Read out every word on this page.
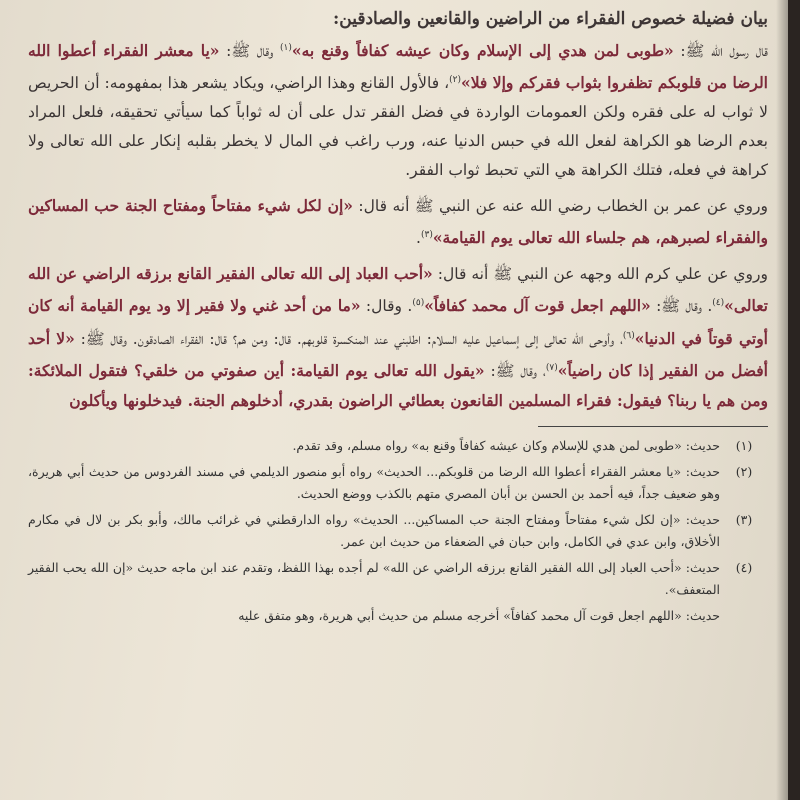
بيان فضيلة خصوص الفقراء من الراضين والقانعين والصادقين:

قال رسول الله ﷺ: «طوبى لمن هدي إلى الإسلام وكان عيشه كفافاً وقنع به»$^{(١)}$ وقال ﷺ: «يا معشر الفقراء أعطوا الله الرضا من قلوبكم تظفروا بثواب فقركم وإلا فلا»$^{(٢)}$، فالأول القانع وهذا الراضي، ويكاد يشعر هذا بمفهومه: أن الحريص لا ثواب له على فقره ولكن العمومات الواردة في فضل الفقر تدل على أن له ثواباً كما سيأتي تحقيقه، فلعل المراد بعدم الرضا هو الكراهة لفعل الله في حبس الدنيا عنه، ورب راغب في المال لا يخطر بقلبه إنكار على الله تعالى ولا كراهة في فعله، فتلك الكراهة هي التي تحبط ثواب الفقر.

وروي عن عمر بن الخطاب رضي الله عنه عن النبي ﷺ أنه قال: «إن لكل شيء مفتاحاً ومفتاح الجنة حب المساكين والفقراء لصبرهم، هم جلساء الله تعالى يوم القيامة»$^{(٣)}$.

وروي عن علي كرم الله وجهه عن النبي ﷺ أنه قال: «أحب العباد إلى الله تعالى الفقير القانع برزقه الراضي عن الله تعالى»$^{(٤)}$. وقال ﷺ: «اللهم اجعل قوت آل محمد كفافاً»$^{(٥)}$. وقال: «ما من أحد غني ولا فقير إلا ود يوم القيامة أنه كان أوتي قوتاً في الدنيا»$^{(٦)}$، وأوحى الله تعالى إلى إسماعيل عليه السلام: اطلبني عند المنكسرة قلوبهم. قال: ومن هم؟ قال: الفقراء الصادقون. وقال ﷺ: «لا أحد أفضل من الفقير إذا كان راضياً»$^{(٧)}$، وقال ﷺ: «يقول الله تعالى يوم القيامة: أين صفوتي من خلقي؟ فتقول الملائكة: ومن هم يا ربنا؟ فيقول: فقراء المسلمين القانعون بعطائي الراضون بقدري، أدخلوهم الجنة. فيدخلونها ويأكلون

(١)
حديث: «طوبى لمن هدي للإسلام وكان عيشه كفافاً وقنع به» رواه مسلم، وقد تقدم.
(٢)
حديث: «يا معشر الفقراء أعطوا الله الرضا من قلوبكم... الحديث» رواه أبو منصور الديلمي في مسند الفردوس من حديث أبي هريرة، وهو ضعيف جداً، فيه أحمد بن الحسن بن أبان المصري متهم بالكذب ووضع الحديث.
(٣)
حديث: «إن لكل شيء مفتاحاً ومفتاح الجنة حب المساكين... الحديث» رواه الدارقطني في غرائب مالك، وأبو بكر بن لال في مكارم الأخلاق، وابن عدي في الكامل، وابن حبان في الضعفاء من حديث ابن عمر.
(٤)
حديث: «أحب العباد إلى الله الفقير القانع برزقه الراضي عن الله» لم أجده بهذا اللفظ، وتقدم عند ابن ماجه حديث «إن الله يحب الفقير المتعفف».
حديث: «اللهم اجعل قوت آل محمد كفافاً» أخرجه مسلم من حديث أبي هريرة، وهو متفق عليه
